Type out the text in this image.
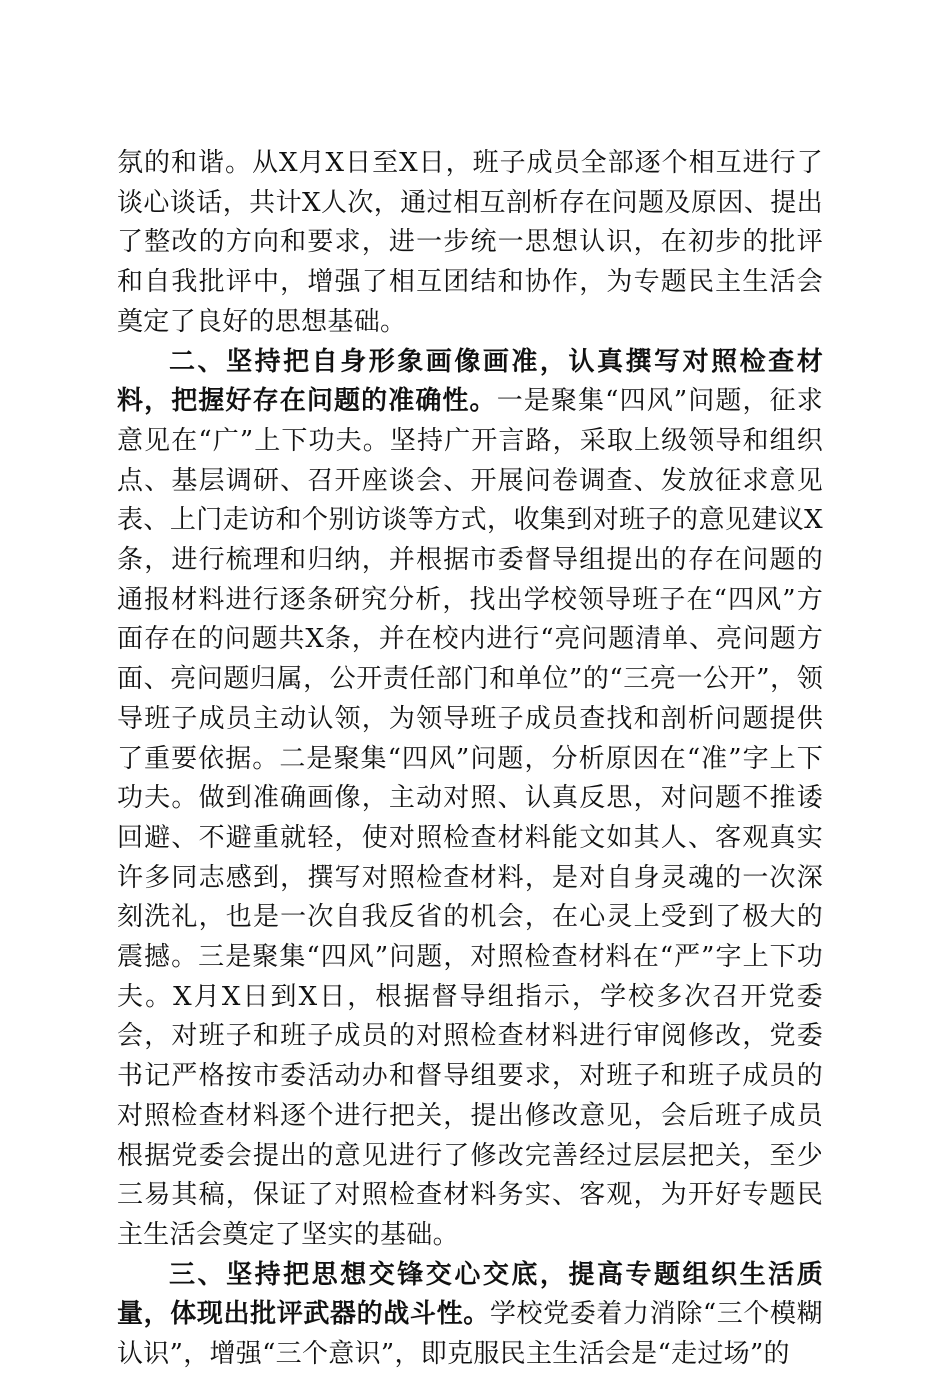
氛的和谐。从X月X日至X日，班子成员全部逐个相互进行了谈心谈话，共计X人次，通过相互剖析存在问题及原因、提出了整改的方向和要求，进一步统一思想认识，在初步的批评和自我批评中，增强了相互团结和协作，为专题民主生活会奠定了良好的思想基础。

二、坚持把自身形象画像画准，认真撰写对照检查材料，把握好存在问题的准确性。一是聚集“四风”问题，征求意见在“广”上下功夫。坚持广开言路，采取上级领导和组织点、基层调研、召开座谈会、开展问卷调查、发放征求意见表、上门走访和个别访谈等方式，收集到对班子的意见建议X条，进行梳理和归纳，并根据市委督导组提出的存在问题的通报材料进行逐条研究分析，找出学校领导班子在“四风”方面存在的问题共X条，并在校内进行“亮问题清单、亮问题方面、亮问题归属，公开责任部门和单位”的“三亮一公开”，领导班子成员主动认领，为领导班子成员查找和剖析问题提供了重要依据。二是聚集“四风”问题，分析原因在“准”字上下功夫。做到准确画像，主动对照、认真反思，对问题不推诿回避、不避重就轻，使对照检查材料能文如其人、客观真实许多同志感到，撰写对照检查材料，是对自身灵魂的一次深刻洗礼，也是一次自我反省的机会，在心灵上受到了极大的震撼。三是聚集“四风”问题，对照检查材料在“严”字上下功夫。X月X日到X日，根据督导组指示，学校多次召开党委会，对班子和班子成员的对照检查材料进行审阅修改，党委书记严格按市委活动办和督导组要求，对班子和班子成员的对照检查材料逐个进行把关，提出修改意见，会后班子成员根据党委会提出的意见进行了修改完善经过层层把关，至少三易其稿，保证了对照检查材料务实、客观，为开好专题民主生活会奠定了坚实的基础。

三、坚持把思想交锋交心交底，提高专题组织生活质量，体现出批评武器的战斗性。学校党委着力消除“三个模糊认识”，增强“三个意识”，即克服民主生活会是“走过场”的
